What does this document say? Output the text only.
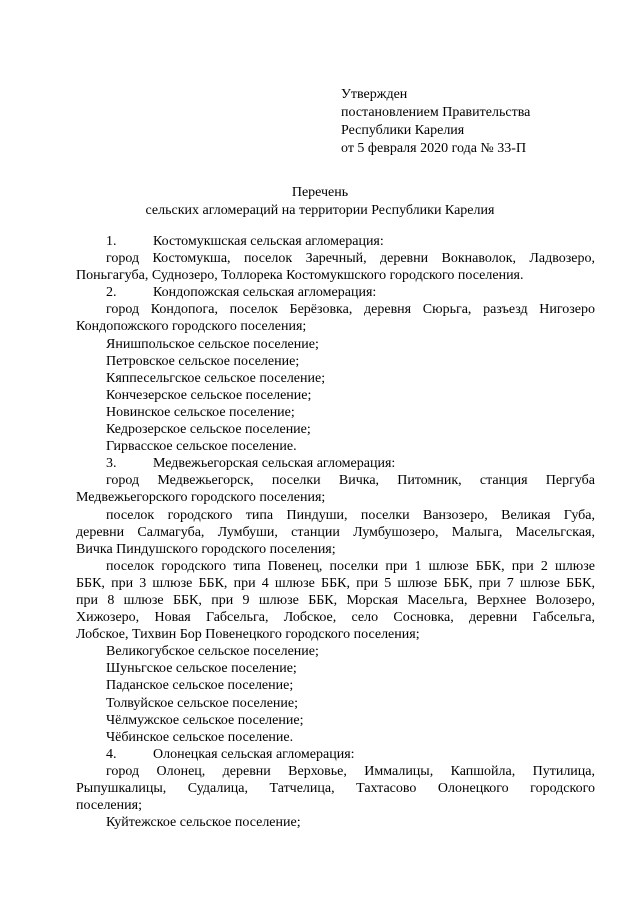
Утвержден
постановлением Правительства
Республики Карелия
от 5 февраля 2020 года № 33-П
Перечень
сельских агломераций на территории Республики Карелия

1.	Костомукшская сельская агломерация:

город Костомукша, поселок Заречный, деревни Вокнаволок, Ладвозеро,

Поньгагуба, Суднозеро, Толлорека Костомукшского городского поселения.

2.	Кондопожская сельская агломерация:

город Кондопога, поселок Берёзовка, деревня Сюрьга, разъезд Нигозеро

Кондопожского городского поселения;

Янишпольское сельское поселение;

Петровское сельское поселение;

Кяппесельгское сельское поселение;

Кончезерское сельское поселение;

Новинское сельское поселение;

Кедрозерское сельское поселение;

Гирвасское сельское поселение.

3.	Медвежьегорская сельская агломерация:

город Медвежьегорск, поселки Вичка, Питомник, станция Пергуба

Медвежьегорского городского поселения;

поселок городского типа Пиндуши, поселки Ванзозеро, Великая Губа,

деревни Салмагуба, Лумбуши, станции Лумбушозеро, Малыга, Масельгская,

Вичка Пиндушского городского поселения;

поселок городского типа Повенец, поселки при 1 шлюзе ББК, при 2 шлюзе

ББК, при 3 шлюзе ББК, при 4 шлюзе ББК, при 5 шлюзе ББК, при 7 шлюзе ББК,

при 8 шлюзе ББК, при 9 шлюзе ББК, Морская Масельга, Верхнее Волозеро,

Хижозеро, Новая Габсельга, Лобское, село Сосновка, деревни Габсельга,

Лобское, Тихвин Бор Повенецкого городского поселения;

Великогубское сельское поселение;

Шуньгское сельское поселение;

Паданское сельское поселение;

Толвуйское сельское поселение;

Чёлмужское сельское поселение;

Чёбинское сельское поселение.

4.	Олонецкая сельская агломерация:

город Олонец, деревни Верховье, Иммалицы, Капшойла, Путилица,

Рыпушкалицы, Судалица, Татчелица, Тахтасово Олонецкого городского

поселения;

Куйтежское сельское поселение;
